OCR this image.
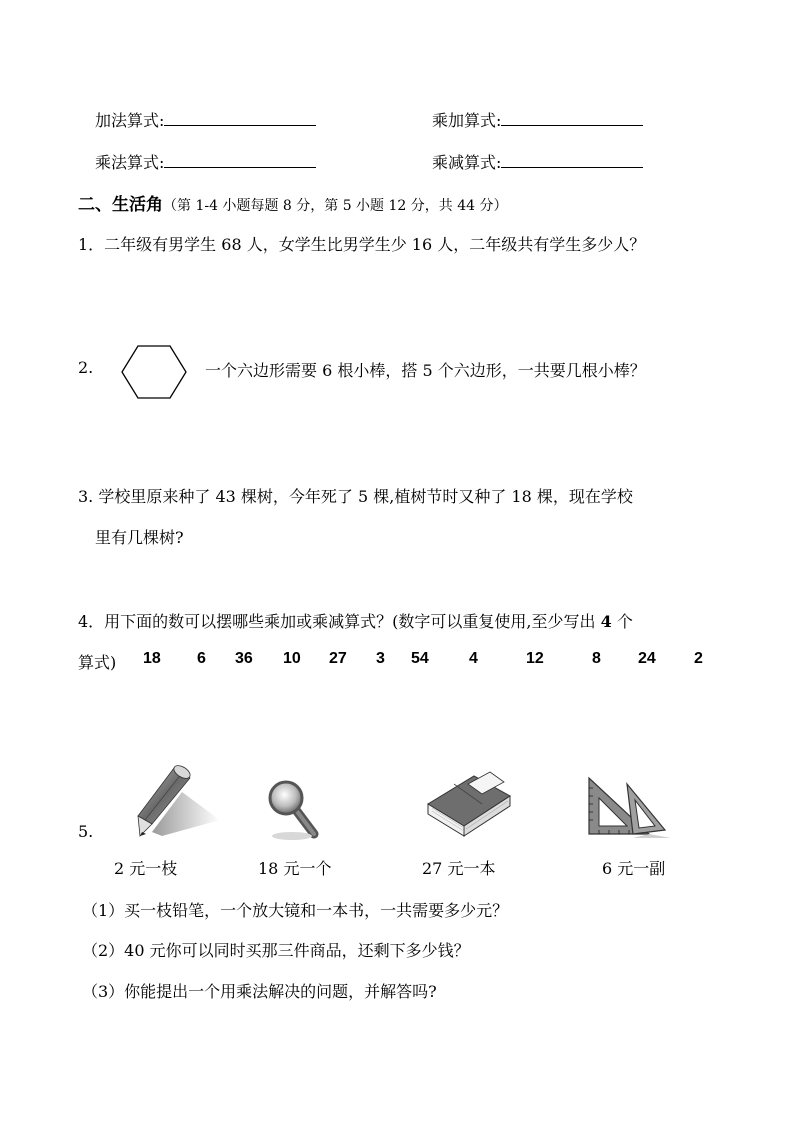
加法算式:	乘加算式:
乘法算式:	乘减算式:
二、生活角（第 1-4 小题每题 8 分，第 5 小题 12 分，共 44 分）
1．二年级有男学生 68 人，女学生比男学生少 16 人，二年级共有学生多少人？
2.	一个六边形需要 6 根小棒，搭 5 个六边形，一共要几根小棒？
3. 学校里原来种了 43 棵树，今年死了 5 棵,植树节时又种了 18 棵，现在学校
里有几棵树?
4．用下面的数可以摆哪些乘加或乘减算式？(数字可以重复使用,至少写出 4 个
算式) 18 6 36 10 27 3 54	4	12	8 24 2
5.
2 元一枝	18 元一个	27 元一本	6 元一副
（1）买一枝铅笔，一个放大镜和一本书，一共需要多少元？
（2）40 元你可以同时买那三件商品，还剩下多少钱？
（3）你能提出一个用乘法解决的问题，并解答吗?
